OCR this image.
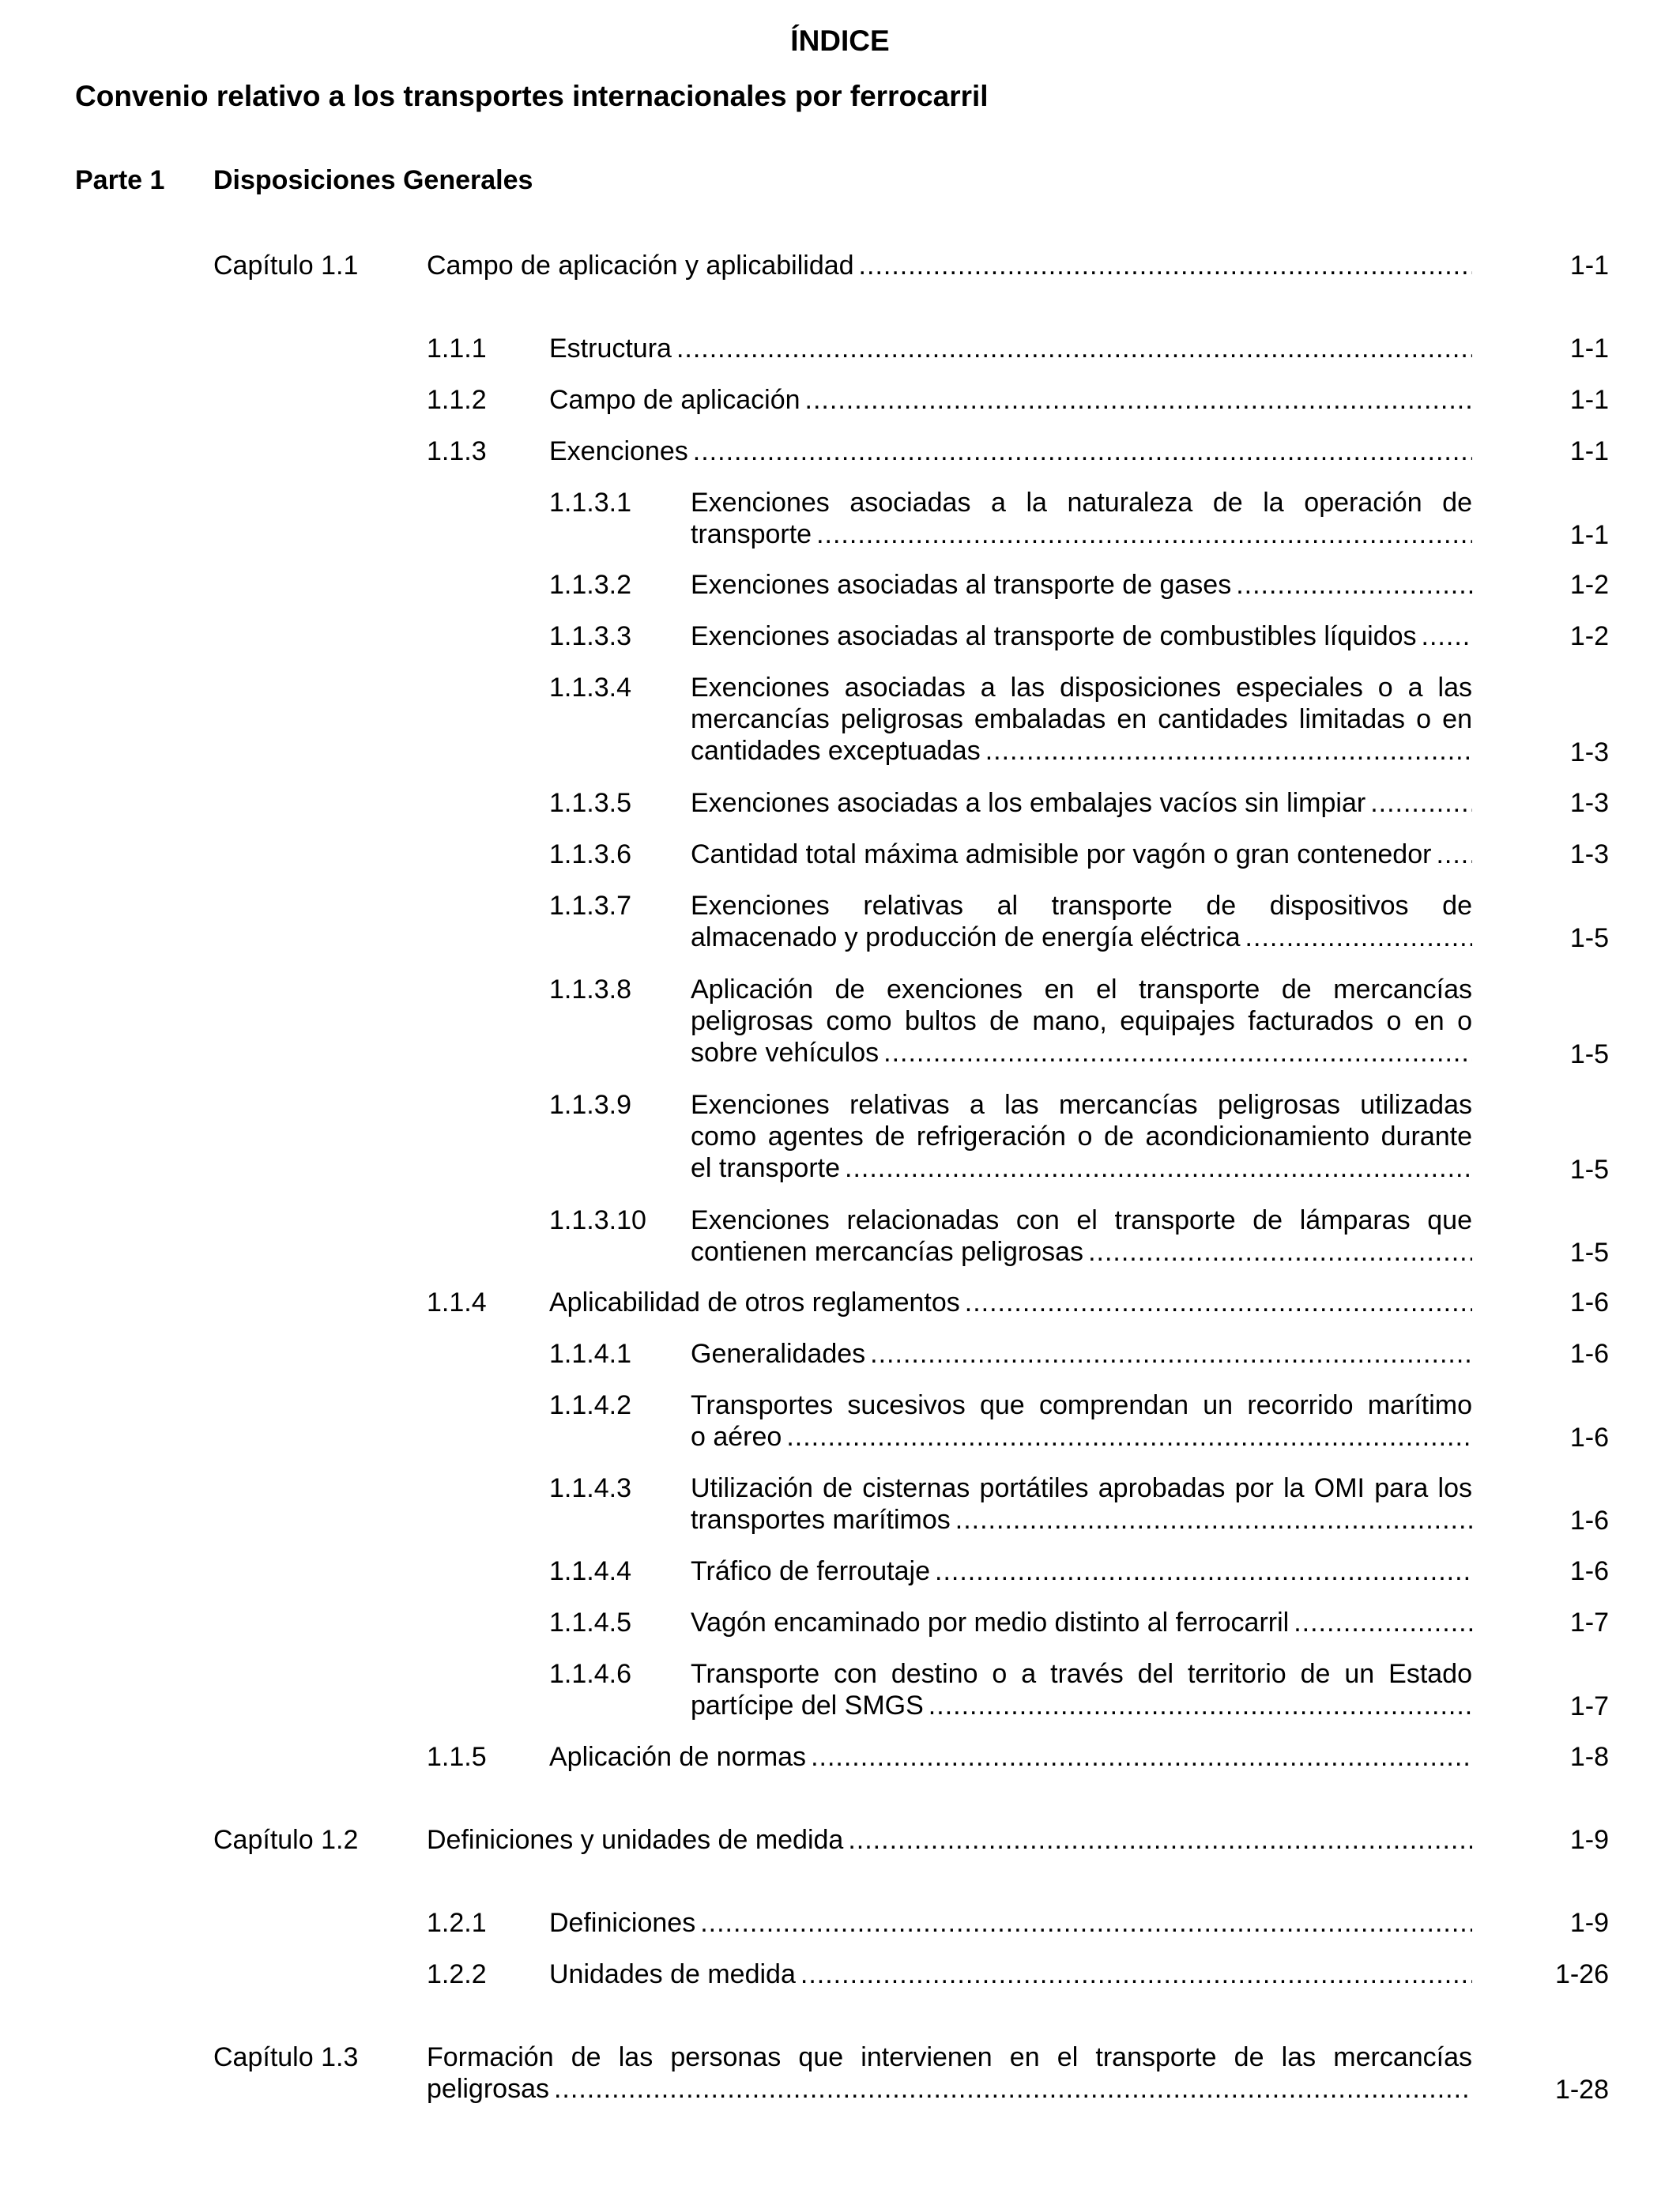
ÍNDICE
Convenio relativo a los transportes internacionales por ferrocarril
Parte 1 Disposiciones Generales
Capítulo 1.1	Campo de aplicación y aplicabilidad .....	1-1
1.1.1 Estructura .....	1-1
1.1.2 Campo de aplicación .....	1-1
1.1.3 Exenciones .....	1-1
1.1.3.1 Exenciones asociadas a la naturaleza de la operación de
transporte .....	1-1
1.1.3.2 Exenciones asociadas al transporte de gases .....	1-2
1.1.3.3 Exenciones asociadas al transporte de combustibles líquidos .....	1-2
1.1.3.4 Exenciones asociadas a las disposiciones especiales o a las
mercancías peligrosas embaladas en cantidades limitadas o en
cantidades exceptuadas .....	1-3
1.1.3.5 Exenciones asociadas a los embalajes vacíos sin limpiar .....	1-3
1.1.3.6 Cantidad total máxima admisible por vagón o gran contenedor .....	1-3
1.1.3.7 Exenciones relativas al transporte de dispositivos de
almacenado y producción de energía eléctrica .....	1-5
1.1.3.8 Aplicación de exenciones en el transporte de mercancías
peligrosas como bultos de mano, equipajes facturados o en o
sobre vehículos .....	1-5
1.1.3.9 Exenciones relativas a las mercancías peligrosas utilizadas
como agentes de refrigeración o de acondicionamiento durante
el transporte .....	1-5
1.1.3.10 Exenciones relacionadas con el transporte de lámparas que
contienen mercancías peligrosas .....	1-5
1.1.4 Aplicabilidad de otros reglamentos .....	1-6
1.1.4.1 Generalidades .....	1-6
1.1.4.2 Transportes sucesivos que comprendan un recorrido marítimo
o aéreo .....	1-6
1.1.4.3 Utilización de cisternas portátiles aprobadas por la OMI para los
transportes marítimos
.....	1-6
1.1.4.4 Tráfico de ferroutaje .....	1-6
1.1.4.5 Vagón encaminado por medio distinto al ferrocarril .....	1-7
1.1.4.6 Transporte con destino o a través del territorio de un Estado
partícipe del SMGS .....	1-7
1.1.5 Aplicación de normas .....	1-8
Capítulo 1.2	Definiciones y unidades de medida .....	1-9
1.2.1 Definiciones .....	1-9
1.2.2 Unidades de medida .....	1-26
Capítulo 1.3	Formación de las personas que intervienen en el transporte de las mercancías
peligrosas .....	1-28
